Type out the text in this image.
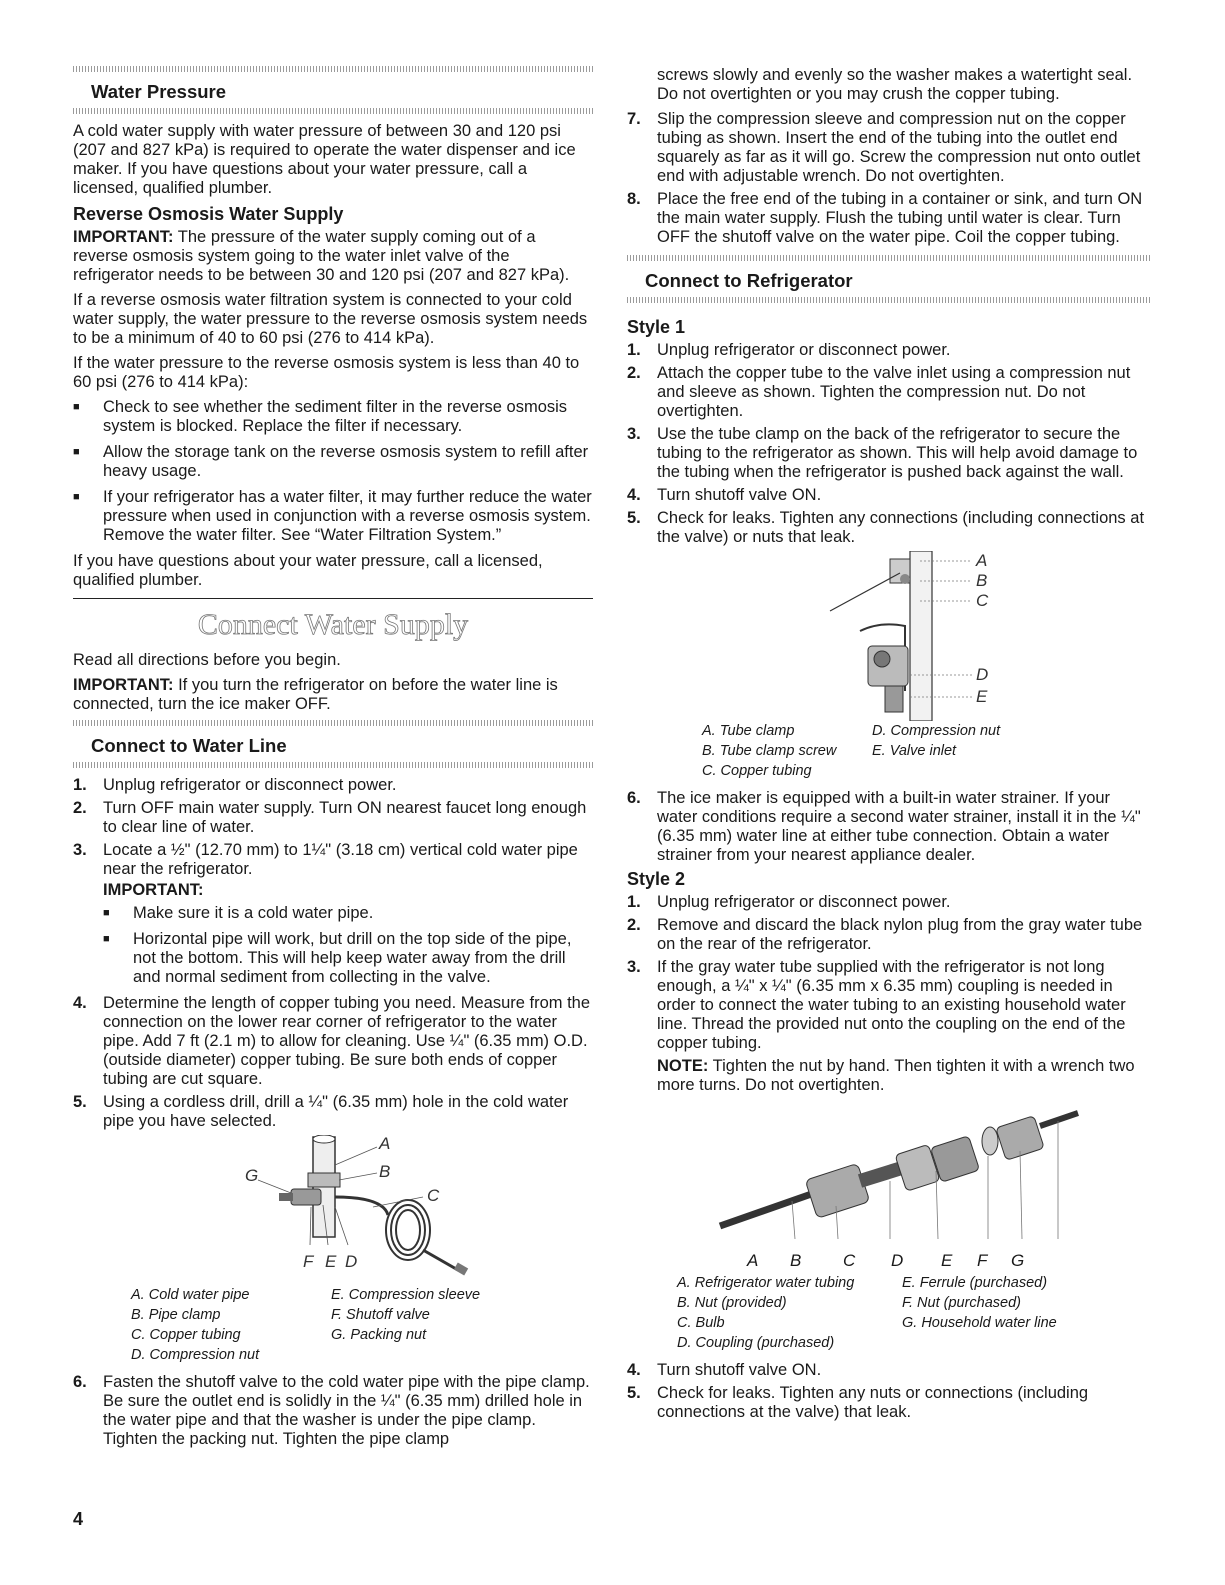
Water Pressure

A cold water supply with water pressure of between 30 and 120 psi (207 and 827 kPa) is required to operate the water dispenser and ice maker. If you have questions about your water pressure, call a licensed, qualified plumber.

Reverse Osmosis Water Supply

IMPORTANT: The pressure of the water supply coming out of a reverse osmosis system going to the water inlet valve of the refrigerator needs to be between 30 and 120 psi (207 and 827 kPa).

If a reverse osmosis water filtration system is connected to your cold water supply, the water pressure to the reverse osmosis system needs to be a minimum of 40 to 60 psi (276 to 414 kPa).

If the water pressure to the reverse osmosis system is less than 40 to 60 psi (276 to 414 kPa):

■ Check to see whether the sediment filter in the reverse osmosis system is blocked. Replace the filter if necessary.
■ Allow the storage tank on the reverse osmosis system to refill after heavy usage.
■ If your refrigerator has a water filter, it may further reduce the water pressure when used in conjunction with a reverse osmosis system. Remove the water filter. See “Water Filtration System.”

If you have questions about your water pressure, call a licensed, qualified plumber.

Connect Water Supply

Read all directions before you begin.

IMPORTANT: If you turn the refrigerator on before the water line is connected, turn the ice maker OFF.

Connect to Water Line
1. Unplug refrigerator or disconnect power.
2. Turn OFF main water supply. Turn ON nearest faucet long enough to clear line of water.
3. Locate a ½" (12.70 mm) to 1¼" (3.18 cm) vertical cold water pipe near the refrigerator.
IMPORTANT:
■ Make sure it is a cold water pipe.
■ Horizontal pipe will work, but drill on the top side of the pipe, not the bottom. This will help keep water away from the drill and normal sediment from collecting in the valve.
4. Determine the length of copper tubing you need. Measure from the connection on the lower rear corner of refrigerator to the water pipe. Add 7 ft (2.1 m) to allow for cleaning. Use ¼" (6.35 mm) O.D. (outside diameter) copper tubing. Be sure both ends of copper tubing are cut square.
5. Using a cordless drill, drill a ¼" (6.35 mm) hole in the cold water pipe you have selected.
A
B
C
D
E
F
G
A. Cold water pipe	E. Compression sleeve
B. Pipe clamp	F. Shutoff valve
C. Copper tubing	G. Packing nut
D. Compression nut
6. Fasten the shutoff valve to the cold water pipe with the pipe clamp. Be sure the outlet end is solidly in the ¼" (6.35 mm) drilled hole in the water pipe and that the washer is under the pipe clamp. Tighten the packing nut. Tighten the pipe clamp

screws slowly and evenly so the washer makes a watertight seal. Do not overtighten or you may crush the copper tubing.

7. Slip the compression sleeve and compression nut on the copper tubing as shown. Insert the end of the tubing into the outlet end squarely as far as it will go. Screw the compression nut onto outlet end with adjustable wrench. Do not overtighten.
8. Place the free end of the tubing in a container or sink, and turn ON the main water supply. Flush the tubing until water is clear. Turn OFF the shutoff valve on the water pipe. Coil the copper tubing.
Connect to Refrigerator
Style 1
1. Unplug refrigerator or disconnect power.
2. Attach the copper tube to the valve inlet using a compression nut and sleeve as shown. Tighten the compression nut. Do not overtighten.
3. Use the tube clamp on the back of the refrigerator to secure the tubing to the refrigerator as shown. This will help avoid damage to the tubing when the refrigerator is pushed back against the wall.
4. Turn shutoff valve ON.
5. Check for leaks. Tighten any connections (including connections at the valve) or nuts that leak.
A
B
C
D
E
A. Tube clamp	D. Compression nut
B. Tube clamp screw	E. Valve inlet
C. Copper tubing
6. The ice maker is equipped with a built-in water strainer. If your water conditions require a second water strainer, install it in the ¼" (6.35 mm) water line at either tube connection. Obtain a water strainer from your nearest appliance dealer.
Style 2
1. Unplug refrigerator or disconnect power.
2. Remove and discard the black nylon plug from the gray water tube on the rear of the refrigerator.
3. If the gray water tube supplied with the refrigerator is not long enough, a ¼" x ¼" (6.35 mm x 6.35 mm) coupling is needed in order to connect the water tubing to an existing household water line. Thread the provided nut onto the coupling on the end of the copper tubing.

NOTE: Tighten the nut by hand. Then tighten it with a wrench two more turns. Do not overtighten.

A B C D E F G
A. Refrigerator water tubing	E. Ferrule (purchased)
B. Nut (provided)	F. Nut (purchased)
C. Bulb	G. Household water line
D. Coupling (purchased)
4. Turn shutoff valve ON.
5. Check for leaks. Tighten any nuts or connections (including connections at the valve) that leak.
4
